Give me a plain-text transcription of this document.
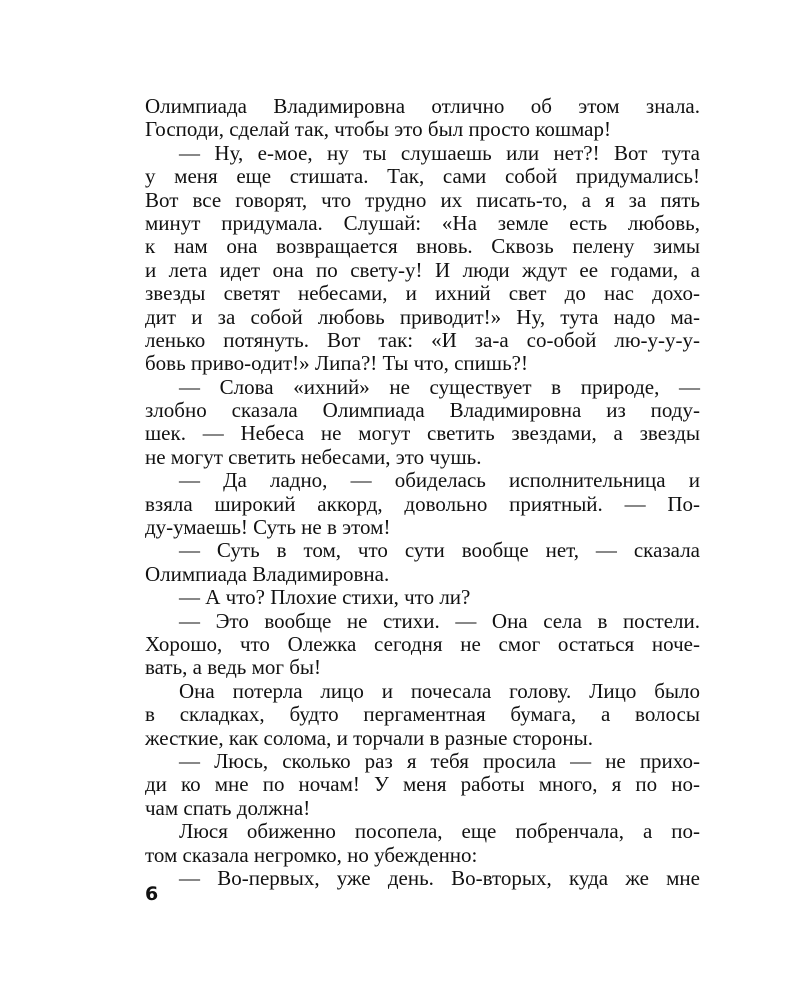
Олимпиада Владимировна отлично об этом знала.
Господи, сделай так, чтобы это был просто кошмар!
— Ну, е-мое, ну ты слушаешь или нет?! Вот тута
у меня еще стишата. Так, сами собой придумались!
Вот все говорят, что трудно их писать-то, а я за пять
минут придумала. Слушай: «На земле есть любовь,
к нам она возвращается вновь. Сквозь пелену зимы
и лета идет она по свету-у! И люди ждут ее годами, а
звезды светят небесами, и ихний свет до нас дохо-
дит и за собой любовь приводит!» Ну, тута надо ма-
ленько потянуть. Вот так: «И за-а со-обой лю-у-у-у-
бовь приво-одит!» Липа?! Ты что, спишь?!
— Слова «ихний» не существует в природе, —
злобно сказала Олимпиада Владимировна из поду-
шек. — Небеса не могут светить звездами, а звезды
не могут светить небесами, это чушь.
— Да ладно, — обиделась исполнительница и
взяла широкий аккорд, довольно приятный. — По-
ду-умаешь! Суть не в этом!
— Суть в том, что сути вообще нет, — сказала
Олимпиада Владимировна.
— А что? Плохие стихи, что ли?
— Это вообще не стихи. — Она села в постели.
Хорошо, что Олежка сегодня не смог остаться ноче-
вать, а ведь мог бы!
Она потерла лицо и почесала голову. Лицо было
в складках, будто пергаментная бумага, а волосы
жесткие, как солома, и торчали в разные стороны.
— Люсь, сколько раз я тебя просила — не прихо-
ди ко мне по ночам! У меня работы много, я по но-
чам спать должна!
Люся обиженно посопела, еще побренчала, а по-
том сказала негромко, но убежденно:
— Во-первых, уже день. Во-вторых, куда же мне
6
